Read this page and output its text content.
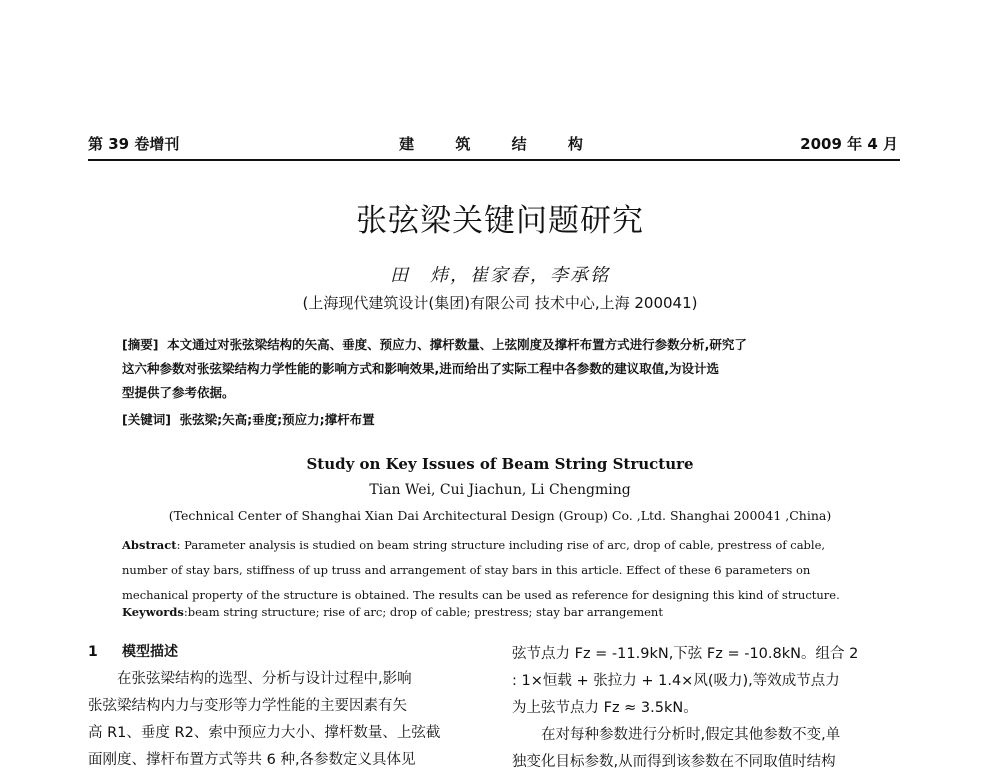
第 39 卷增刊	建 筑 结 构	2009 年 4 月
张弦梁关键问题研究
田　炜，崔家春，李承铭
(上海现代建筑设计(集团)有限公司 技术中心,上海 200041)
[摘要] 本文通过对张弦梁结构的矢高、垂度、预应力、撑杆数量、上弦刚度及撑杆布置方式进行参数分析,研究了
这六种参数对张弦梁结构力学性能的影响方式和影响效果,进而给出了实际工程中各参数的建议取值,为设计选
型提供了参考依据。
[关键词] 张弦梁;矢高;垂度;预应力;撑杆布置
Study on Key Issues of Beam String Structure
Tian Wei, Cui Jiachun, Li Chengming
(Technical Center of Shanghai Xian Dai Architectural Design (Group) Co. ,Ltd. Shanghai 200041 ,China)
Abstract: Parameter analysis is studied on beam string structure including rise of arc, drop of cable, prestress of cable,
number of stay bars, stiffness of up truss and arrangement of stay bars in this article. Effect of these 6 parameters on
mechanical property of the structure is obtained. The results can be used as reference for designing this kind of structure.
Keywords:beam string structure; rise of arc; drop of cable; prestress; stay bar arrangement
1 模型描述
　　在张弦梁结构的选型、分析与设计过程中,影响
张弦梁结构内力与变形等力学性能的主要因素有矢
高 R1、垂度 R2、索中预应力大小、撑杆数量、上弦截
面刚度、撑杆布置方式等共 6 种,各参数定义具体见
弦节点力 Fz = -11.9kN,下弦 Fz = -10.8kN。组合 2
: 1×恒载 + 张拉力 + 1.4×风(吸力),等效成节点力
为上弦节点力 Fz ≈ 3.5kN。
　　在对每种参数进行分析时,假定其他参数不变,单
独变化目标参数,从而得到该参数在不同取值时结构
